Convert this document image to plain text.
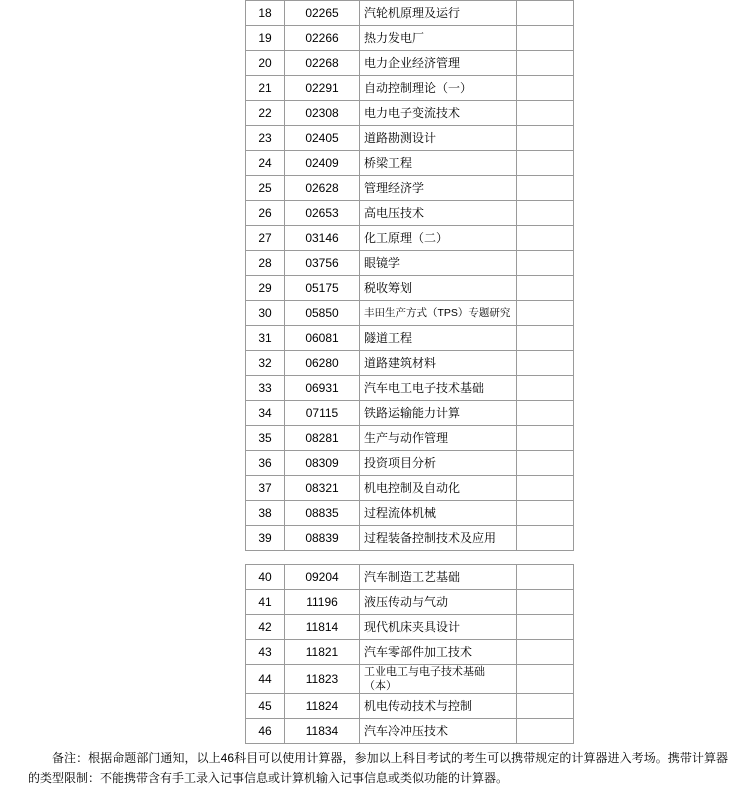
18	02265	汽轮机原理及运行	
19	02266	热力发电厂	
20	02268	电力企业经济管理	
21	02291	自动控制理论（一）	
22	02308	电力电子变流技术	
23	02405	道路勘测设计	
24	02409	桥梁工程	
25	02628	管理经济学	
26	02653	高电压技术	
27	03146	化工原理（二）	
28	03756	眼镜学	
29	05175	税收筹划	
30	05850	丰田生产方式（TPS）专题研究	
31	06081	隧道工程	
32	06280	道路建筑材料	
33	06931	汽车电工电子技术基础	
34	07115	铁路运输能力计算	
35	08281	生产与动作管理	
36	08309	投资项目分析	
37	08321	机电控制及自动化	
38	08835	过程流体机械	
39	08839	过程装备控制技术及应用	
40	09204	汽车制造工艺基础	
41	11196	液压传动与气动	
42	11814	现代机床夹具设计	
43	11821	汽车零部件加工技术	
44	11823	工业电工与电子技术基础（本）	
45	11824	机电传动技术与控制	
46	11834	汽车冷冲压技术	
备注：根据命题部门通知，以上46科目可以使用计算器，参加以上科目考试的考生可以携带规定的计算器进入考场。携带计算器的类型限制：不能携带含有手工录入记事信息或计算机输入记事信息或类似功能的计算器。
